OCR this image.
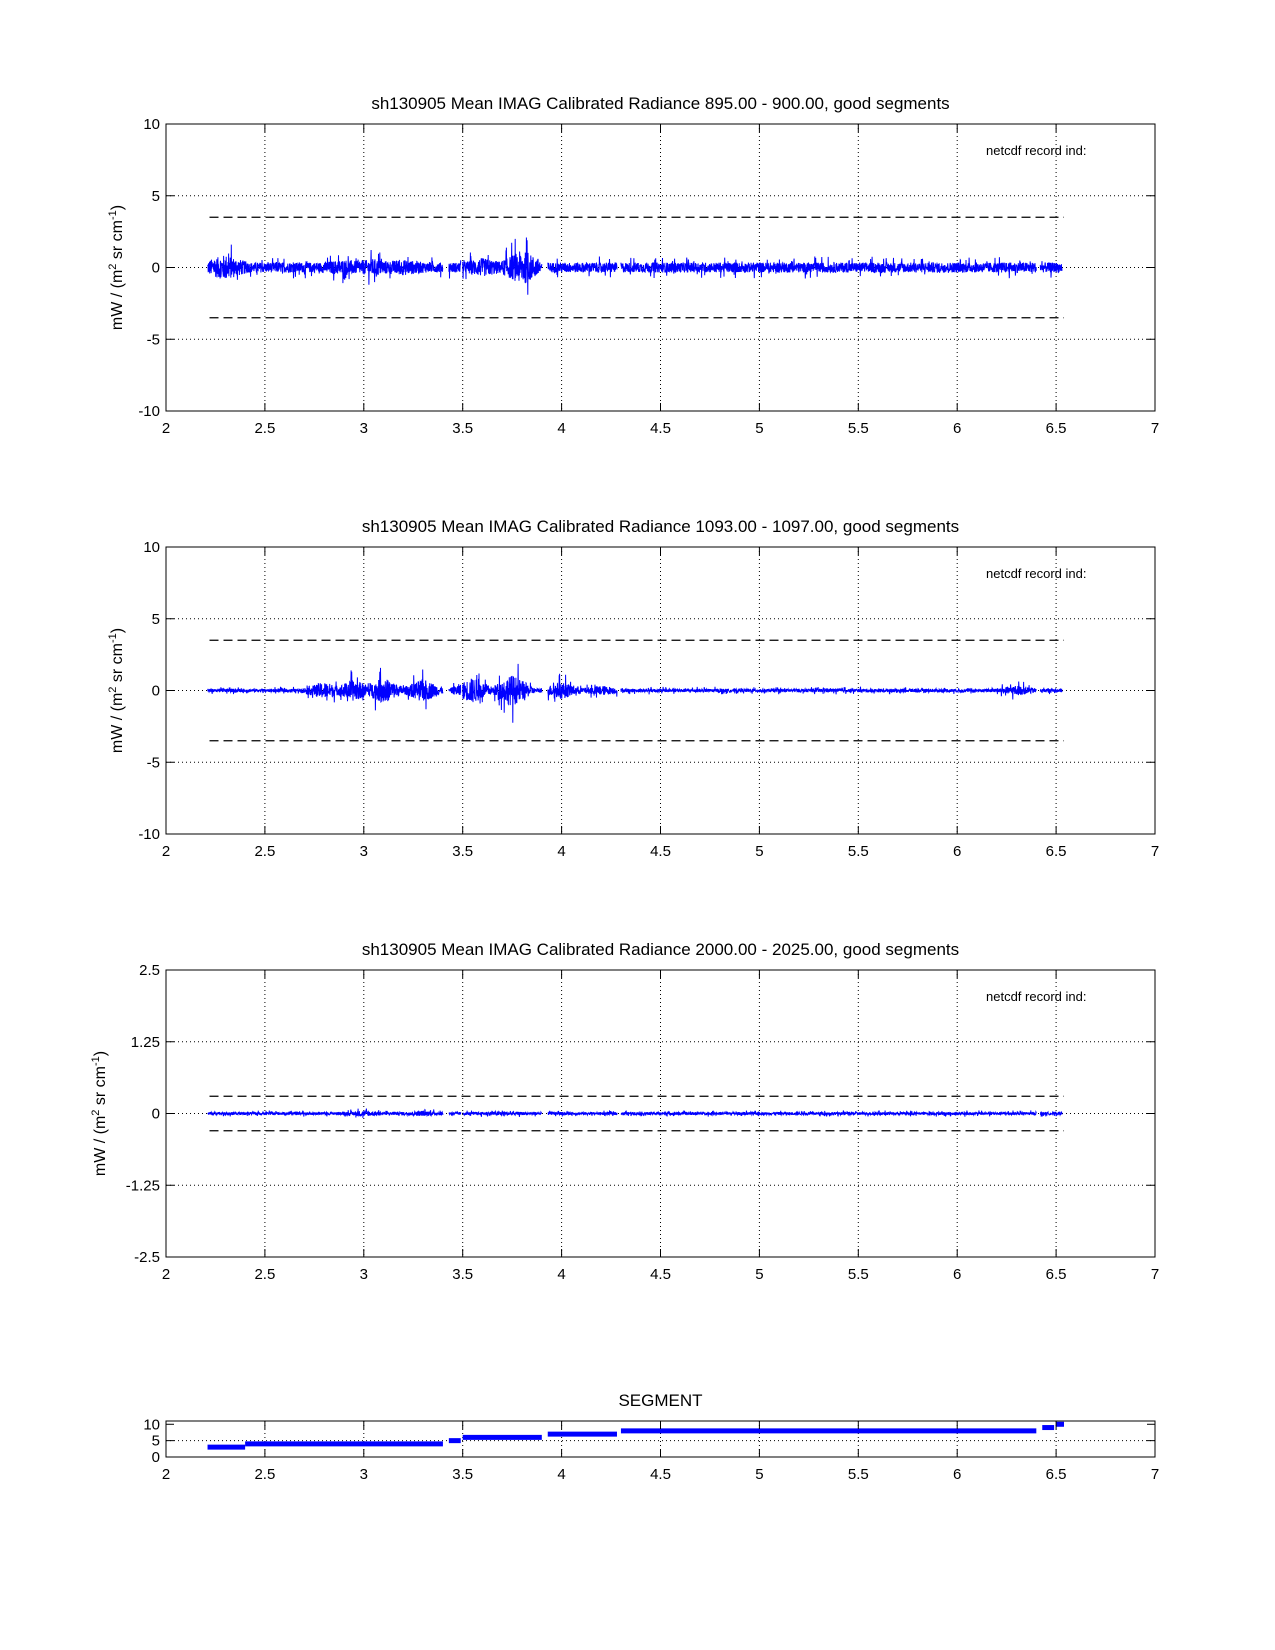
sh130905 Mean IMAG Calibrated Radiance 895.00 - 900.00, good segments
2	2.5	3	3.5	4	4.5	5	5.5	6	6.5	7
-10
-5
0
5
10
mW / ($m^2$ sr $cm^{-1}$)
netcdf record ind:
sh130905 Mean IMAG Calibrated Radiance 1093.00 - 1097.00, good segments
2	2.5	3	3.5	4	4.5	5	5.5	6	6.5	7
-10
-5
0
5
10
mW / ($m^2$ sr $cm^{-1}$)
netcdf record ind:
sh130905 Mean IMAG Calibrated Radiance 2000.00 - 2025.00, good segments
2	2.5	3	3.5	4	4.5	5	5.5	6	6.5	7
-2.5
-1.25
0
1.25
2.5
mW / ($m^2$ sr $cm^{-1}$)
netcdf record ind:
SEGMENT
2	2.5	3	3.5	4	4.5	5	5.5	6	6.5	7
0
5
10
